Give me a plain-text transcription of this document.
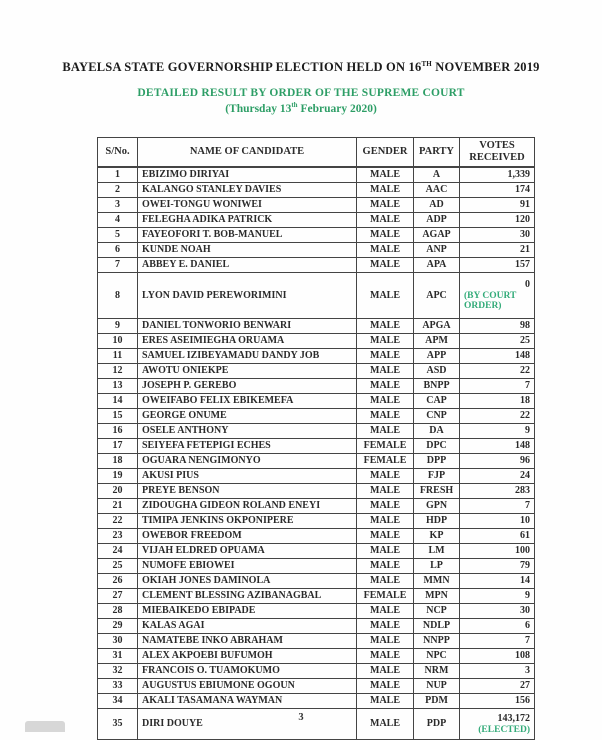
BAYELSA STATE GOVERNORSHIP ELECTION HELD ON 16TH NOVEMBER 2019
DETAILED RESULT BY ORDER OF THE SUPREME COURT
(Thursday 13th February 2020)
S/No.	NAME OF CANDIDATE	GENDER	PARTY	VOTES RECEIVED
1	EBIZIMO DIRIYAI	MALE	A	1,339

2	KALANGO STANLEY DAVIES	MALE	AAC	174

3	OWEI-TONGU WONIWEI	MALE	AD	91

4	FELEGHA ADIKA PATRICK	MALE	ADP	120

5	FAYEOFORI T. BOB-MANUEL	MALE	AGAP	30

6	KUNDE NOAH	MALE	ANP	21

7	ABBEY E. DANIEL	MALE	APA	157

8	LYON DAVID PEREWORIMINI	MALE	APC	0
(BY COURT ORDER)

9	DANIEL TONWORIO BENWARI	MALE	APGA	98

10	ERES ASEIMIEGHA ORUAMA	MALE	APM	25

11	SAMUEL IZIBEYAMADU DANDY JOB	MALE	APP	148

12	AWOTU ONIEKPE	MALE	ASD	22

13	JOSEPH P. GEREBO	MALE	BNPP	7

14	OWEIFABO FELIX EBIKEMEFA	MALE	CAP	18

15	GEORGE ONUME	MALE	CNP	22

16	OSELE ANTHONY	MALE	DA	9

17	SEIYEFA FETEPIGI ECHES	FEMALE	DPC	148

18	OGUARA NENGIMONYO	FEMALE	DPP	96

19	AKUSI PIUS	MALE	FJP	24

20	PREYE BENSON	MALE	FRESH	283

21	ZIDOUGHA GIDEON ROLAND ENEYI	MALE	GPN	7

22	TIMIPA JENKINS OKPONIPERE	MALE	HDP	10

23	OWEBOR FREEDOM	MALE	KP	61

24	VIJAH ELDRED OPUAMA	MALE	LM	100

25	NUMOFE EBIOWEI	MALE	LP	79

26	OKIAH JONES DAMINOLA	MALE	MMN	14

27	CLEMENT BLESSING AZIBANAGBAL	FEMALE	MPN	9

28	MIEBAIKEDO EBIPADE	MALE	NCP	30

29	KALAS AGAI	MALE	NDLP	6

30	NAMATEBE INKO ABRAHAM	MALE	NNPP	7

31	ALEX AKPOEBI BUFUMOH	MALE	NPC	108

32	FRANCOIS O. TUAMOKUMO	MALE	NRM	3

33	AUGUSTUS EBIUMONE OGOUN	MALE	NUP	27

34	AKALI TASAMANA WAYMAN	MALE	PDM	156

35	DIRI DOUYE	MALE	PDP	143,172
(ELECTED)
3
